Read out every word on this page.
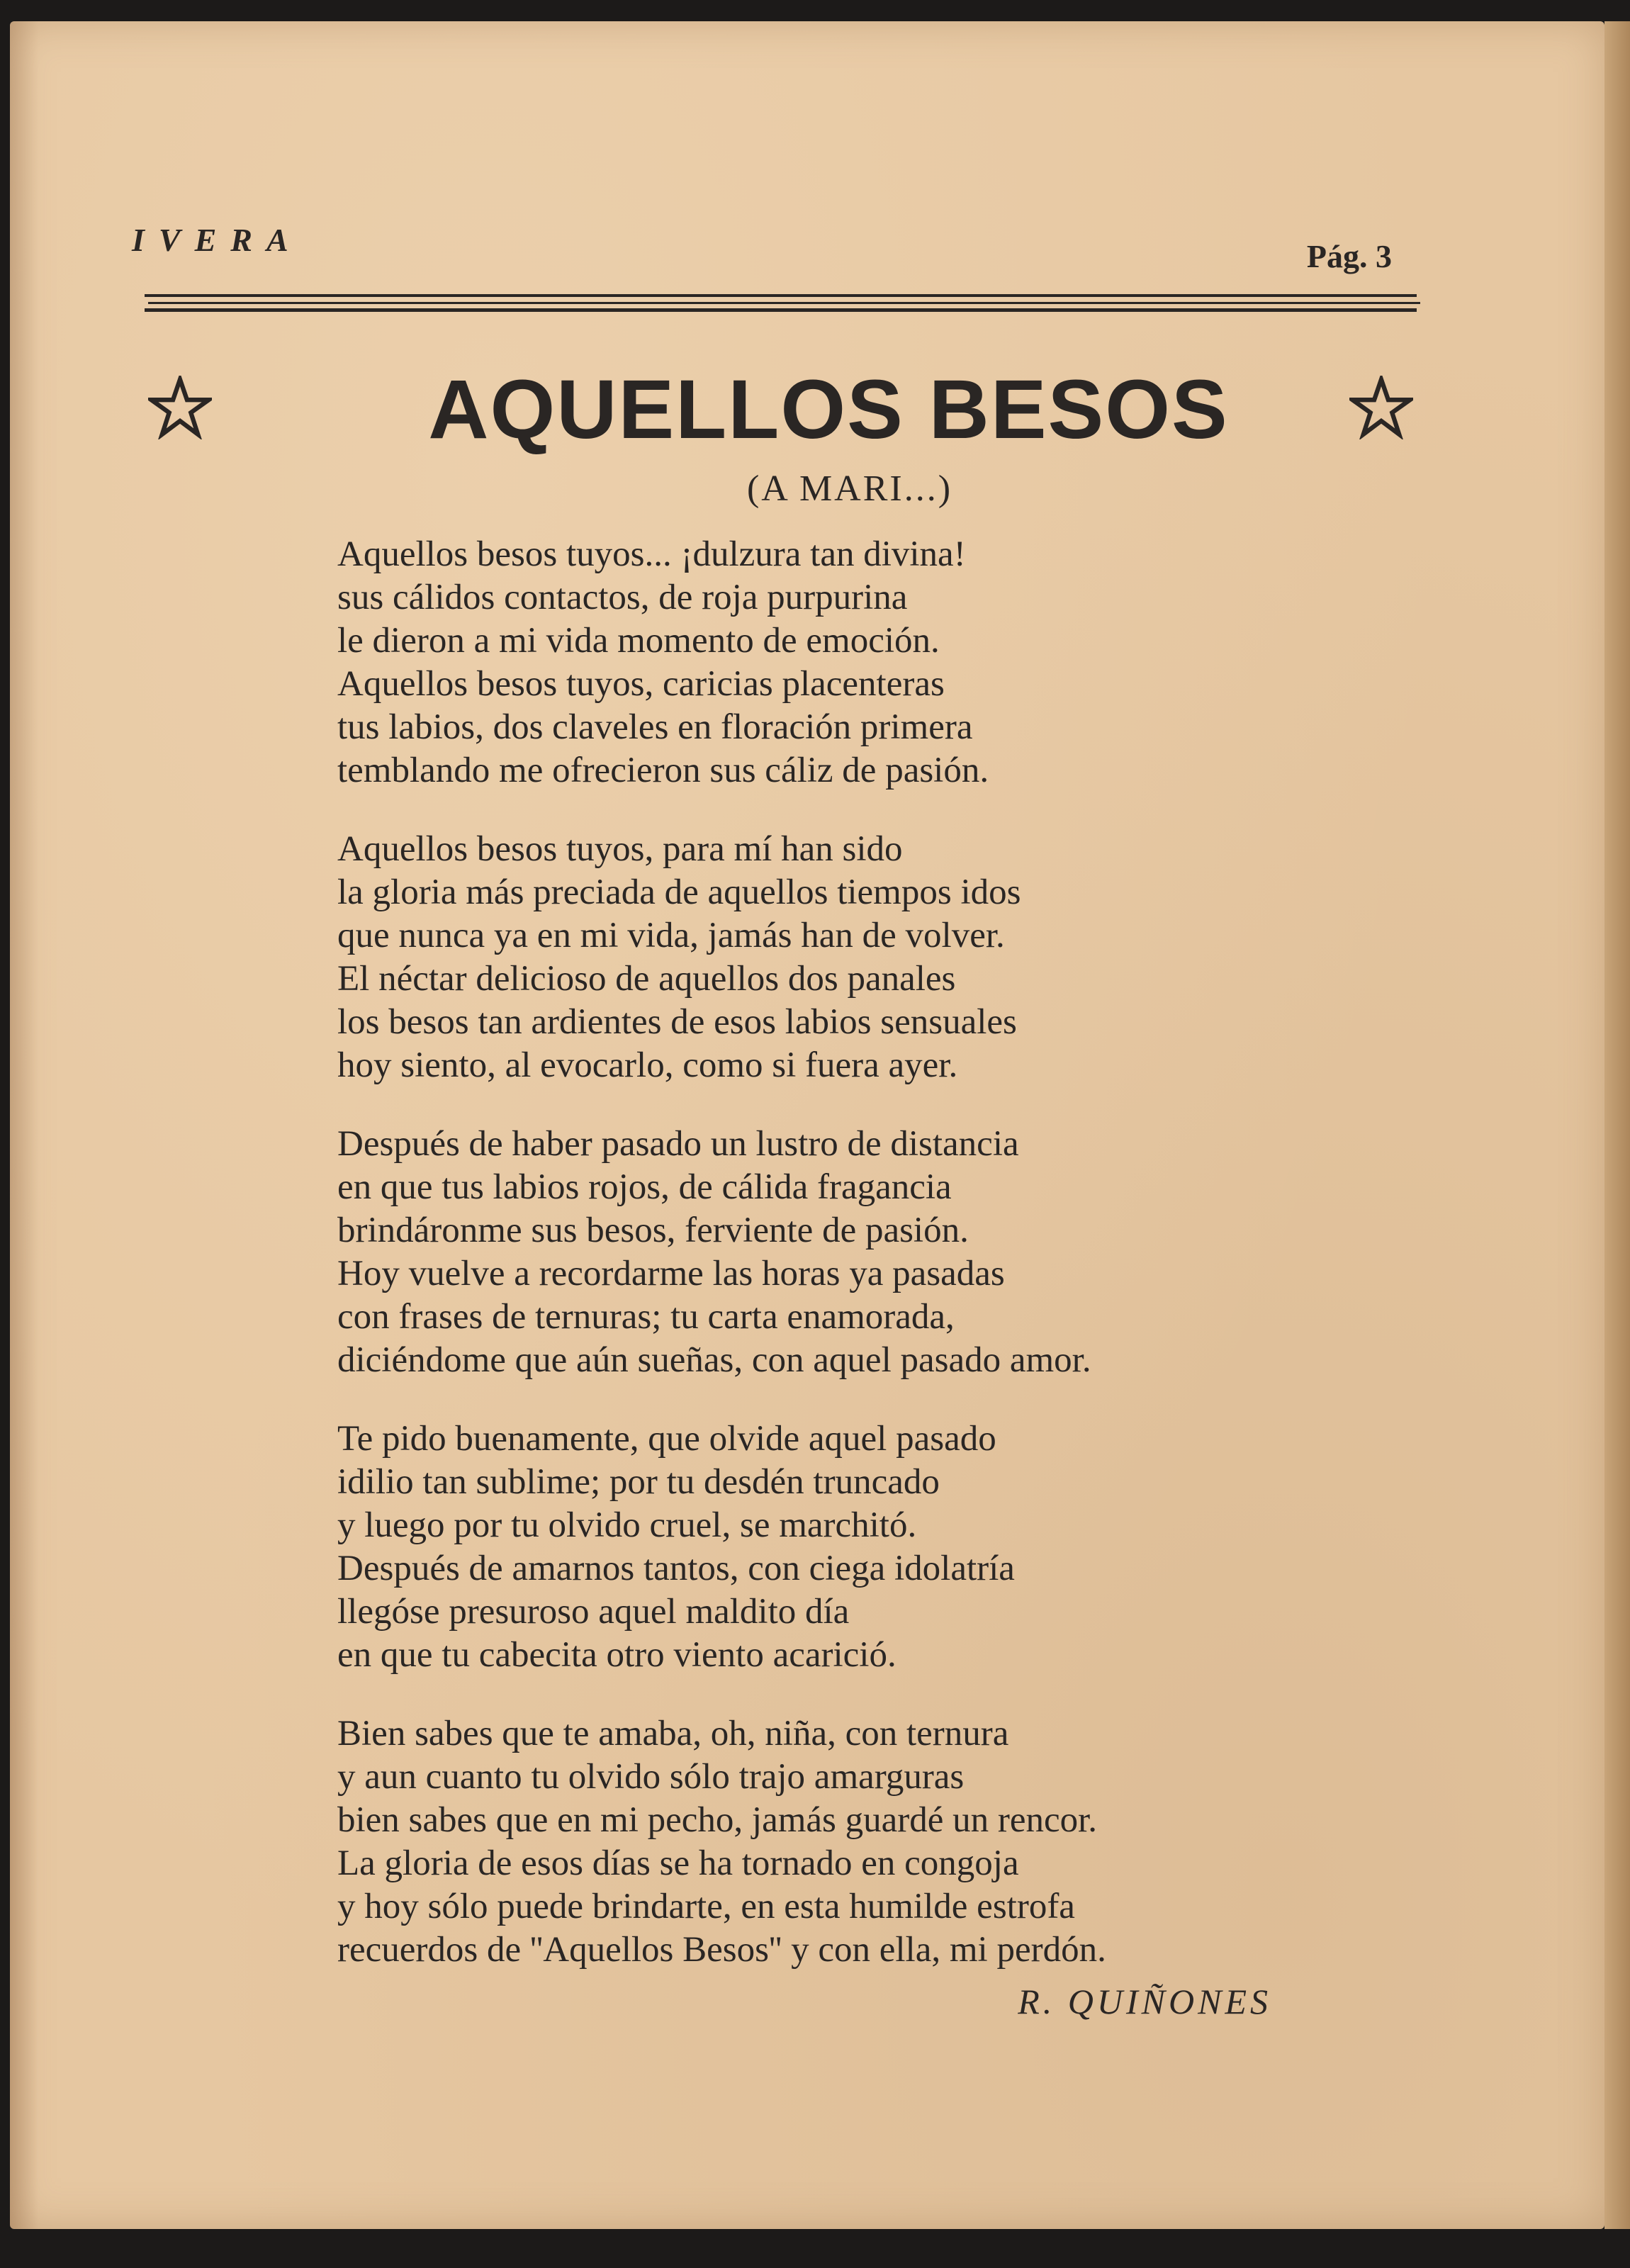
IVERA	Pág. 3
AQUELLOS BESOS
(A MARI...)
Aquellos besos tuyos... ¡dulzura tan divina!
sus cálidos contactos, de roja purpurina
le dieron a mi vida momento de emoción.
Aquellos besos tuyos, caricias placenteras
tus labios, dos claveles en floración primera
temblando me ofrecieron sus cáliz de pasión.
Aquellos besos tuyos, para mí han sido
la gloria más preciada de aquellos tiempos idos
que nunca ya en mi vida, jamás han de volver.
El néctar delicioso de aquellos dos panales
los besos tan ardientes de esos labios sensuales
hoy siento, al evocarlo, como si fuera ayer.
Después de haber pasado un lustro de distancia
en que tus labios rojos, de cálida fragancia
brindáronme sus besos, ferviente de pasión.
Hoy vuelve a recordarme las horas ya pasadas
con frases de ternuras; tu carta enamorada,
diciéndome que aún sueñas, con aquel pasado amor.
Te pido buenamente, que olvide aquel pasado
idilio tan sublime; por tu desdén truncado
y luego por tu olvido cruel, se marchitó.
Después de amarnos tantos, con ciega idolatría
llegóse presuroso aquel maldito día
en que tu cabecita otro viento acarició.
Bien sabes que te amaba, oh, niña, con ternura
y aun cuanto tu olvido sólo trajo amarguras
bien sabes que en mi pecho, jamás guardé un rencor.
La gloria de esos días se ha tornado en congoja
y hoy sólo puede brindarte, en esta humilde estrofa
recuerdos de ''Aquellos Besos'' y con ella, mi perdón.
R. QUIÑONES
